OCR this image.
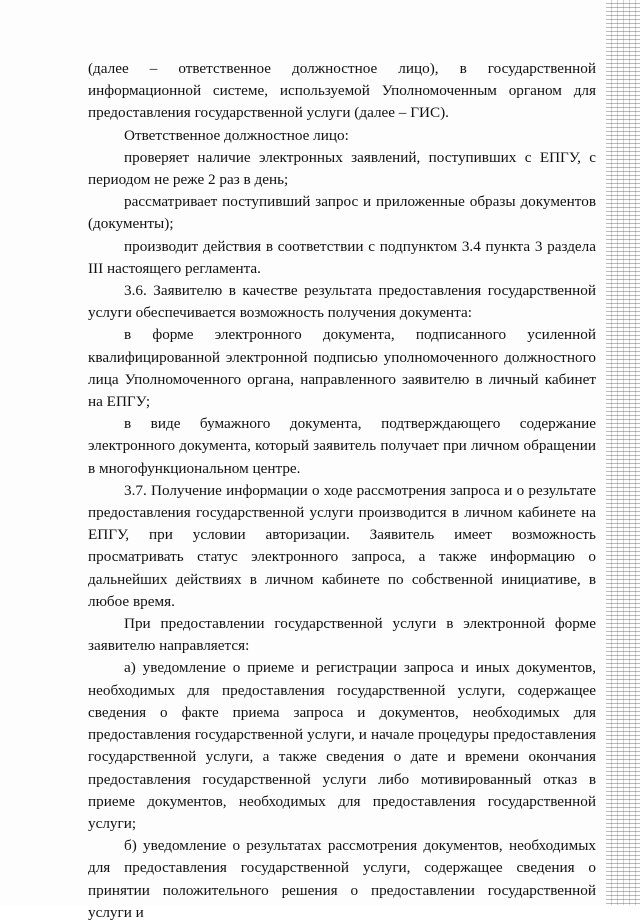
(далее – ответственное должностное лицо), в государственной информационной системе, используемой Уполномоченным органом для предоставления государственной услуги (далее – ГИС).

Ответственное должностное лицо:

проверяет наличие электронных заявлений, поступивших с ЕПГУ, с периодом не реже 2 раз в день;

рассматривает поступивший запрос и приложенные образы документов (документы);

производит действия в соответствии с подпунктом 3.4 пункта 3 раздела III настоящего регламента.

3.6. Заявителю в качестве результата предоставления государственной услуги обеспечивается возможность получения документа:

в форме электронного документа, подписанного усиленной квалифицированной электронной подписью уполномоченного должностного лица Уполномоченного органа, направленного заявителю в личный кабинет на ЕПГУ;

в виде бумажного документа, подтверждающего содержание электронного документа, который заявитель получает при личном обращении в многофункциональном центре.

3.7. Получение информации о ходе рассмотрения запроса и о результате предоставления государственной услуги производится в личном кабинете на ЕПГУ, при условии авторизации. Заявитель имеет возможность просматривать статус электронного запроса, а также информацию о дальнейших действиях в личном кабинете по собственной инициативе, в любое время.

При предоставлении государственной услуги в электронной форме заявителю направляется:

а) уведомление о приеме и регистрации запроса и иных документов, необходимых для предоставления государственной услуги, содержащее сведения о факте приема запроса и документов, необходимых для предоставления государственной услуги, и начале процедуры предоставления государственной услуги, а также сведения о дате и времени окончания предоставления государственной услуги либо мотивированный отказ в приеме документов, необходимых для предоставления государственной услуги;

б) уведомление о результатах рассмотрения документов, необходимых для предоставления государственной услуги, содержащее сведения о принятии положительного решения о предоставлении государственной услуги и
